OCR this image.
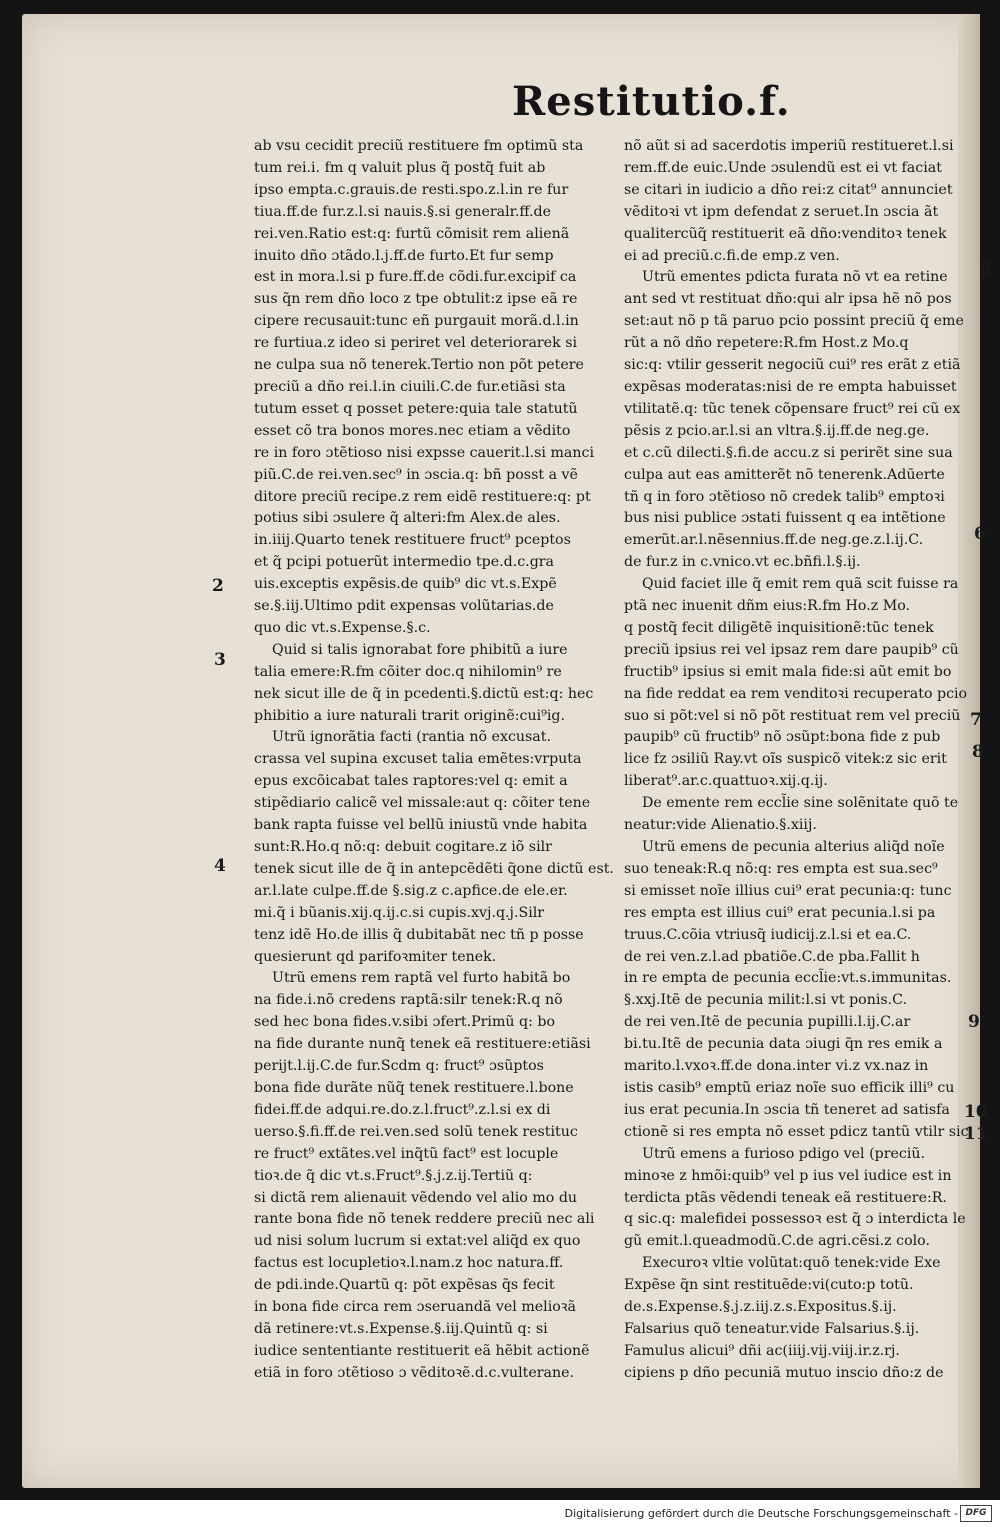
Restitutio.f.
ab vsu cecidit preciũ restituere fm optimũ sta
tum rei.i. fm q valuit plus q̃ postq̃ fuit ab
ipso empta.c.grauis.de resti.spo.z.l.in re fur
tiua.ff.de fur.z.l.si nauis.§.si generalr.ff.de
rei.ven.Ratio est:q: furtũ cõmisit rem alienã
inuito dño ɔtãdo.l.j.ff.de furto.Et fur semp
est in mora.l.si p fure.ff.de cõdi.fur.excipif ca
sus q̃n rem dño loco z tpe obtulit:z ipse eã re
cipere recusauit:tunc eñ purgauit morã.d.l.in
re furtiua.z ideo si periret vel deteriorarek si
ne culpa sua nõ tenerek.Tertio non põt petere
preciũ a dño rei.l.in ciuili.C.de fur.etiãsi sta
tutum esset q posset petere:quia tale statutũ
esset cõ tra bonos mores.nec etiam a vẽdito
re in foro ɔtẽtioso nisi expsse cauerit.l.si manci
piũ.C.de rei.ven.sec⁹ in ɔscia.q: bñ posst a vẽ
ditore preciũ recipe.z rem eidẽ restituere:q: pt
potius sibi ɔsulere q̃ alteri:fm Alex.de ales.
in.iiij.Quarto tenek restituere fruct⁹ pceptos
et q̃ pcipi potuerũt intermedio tpe.d.c.gra
uis.exceptis expẽsis.de quib⁹ dic vt.s.Expẽ
se.§.iij.Ultimo pdit expensas volũtarias.de
quo dic vt.s.Expense.§.c.
Quid si talis ignorabat fore phibitũ a iure
talia emere:R.fm cõiter doc.q nihilomin⁹ re
nek sicut ille de q̃ in pcedenti.§.dictũ est:q: hec
phibitio a iure naturali trarit originẽ:cui⁹ig.
Utrũ ignorãtia facti (rantia nõ excusat.
crassa vel supina excuset talia emẽtes:vrputa
epus excõicabat tales raptores:vel q: emit a
stipẽdiario calicẽ vel missale:aut q: cõiter tene
bank rapta fuisse vel bellũ iniustũ vnde habita
sunt:R.Ho.q nõ:q: debuit cogitare.z iõ silr
tenek sicut ille de q̃ in antepcẽdẽti q̃one dictũ est.
ar.l.late culpe.ff.de §.sig.z c.apfice.de ele.er.
mi.q̃ i bũanis.xij.q.ij.c.si cupis.xvj.q.j.Silr
tenz idẽ Ho.de illis q̃ dubitabãt nec tñ p posse
quesierunt qd parifoꝛmiter tenek.
Utrũ emens rem raptã vel furto habitã bo
na fide.i.nõ credens raptã:silr tenek:R.q nõ
sed hec bona fides.v.sibi ɔfert.Primũ q: bo
na fide durante nunq̃ tenek eã restituere:etiãsi
perijt.l.ij.C.de fur.Scdm q: fruct⁹ ɔsũptos
bona fide durãte nũq̃ tenek restituere.l.bone
fidei.ff.de adqui.re.do.z.l.fruct⁹.z.l.si ex di
uerso.§.fi.ff.de rei.ven.sed solũ tenek restituc
re fruct⁹ extãtes.vel inq̃tũ fact⁹ est locuple
tioꝛ.de q̃ dic vt.s.Fruct⁹.§.j.z.ij.Tertiũ q:
si dictã rem alienauit vẽdendo vel alio mo du
rante bona fide nõ tenek reddere preciũ nec ali
ud nisi solum lucrum si extat:vel aliq̃d ex quo
factus est locupletioꝛ.l.nam.z hoc natura.ff.
de pdi.inde.Quartũ q: põt expẽsas q̃s fecit
in bona fide circa rem ɔseruandã vel melioꝛã
dã retinere:vt.s.Expense.§.iij.Quintũ q: si
iudice sententiante restituerit eã hẽbit actionẽ
etiã in foro ɔtẽtioso ɔ vẽditoꝛẽ.d.c.vulterane.
nõ aũt si ad sacerdotis imperiũ restitueret.l.si
rem.ff.de euic.Unde ɔsulendũ est ei vt faciat
se citari in iudicio a dño rei:z citat⁹ annunciet
vẽditoꝛi vt ipm defendat z seruet.In ɔscia ãt
qualitercũq̃ restituerit eã dño:venditoꝛ tenek
ei ad preciũ.c.fi.de emp.z ven.
Utrũ ementes pdicta furata nõ vt ea retine
ant sed vt restituat dño:qui alr ipsa hẽ nõ pos
set:aut nõ p tã paruo pcio possint preciũ q̃ eme
rũt a nõ dño repetere:R.fm Host.z Mo.q
sic:q: vtilir gesserit negociũ cui⁹ res erãt z etiã
expẽsas moderatas:nisi de re empta habuisset
vtilitatẽ.q: tũc tenek cõpensare fruct⁹ rei cũ ex
pẽsis z pcio.ar.l.si an vltra.§.ij.ff.de neg.ge.
et c.cũ dilecti.§.fi.de accu.z si perirẽt sine sua
culpa aut eas amitterẽt nõ tenerenk.Adūerte
tñ q in foro ɔtẽtioso nõ credek talib⁹ emptoꝛi
bus nisi publice ɔstati fuissent q ea intẽtione
emerũt.ar.l.nẽsennius.ff.de neg.ge.z.l.ij.C.
de fur.z in c.vnico.vt ec.bñfi.l.§.ij.
Quid faciet ille q̃ emit rem quã scit fuisse ra
ptã nec inuenit dñm eius:R.fm Ho.z Mo.
q postq̃ fecit diligẽtẽ inquisitionẽ:tũc tenek
preciũ ipsius rei vel ipsaz rem dare paupib⁹ cũ
fructib⁹ ipsius si emit mala fide:si aũt emit bo
na fide reddat ea rem venditoꝛi recuperato pcio
suo si põt:vel si nõ põt restituat rem vel preciũ
paupib⁹ cũ fructib⁹ nõ ɔsũpt:bona fide z pub
lice fz ɔsiliũ Ray.vt oĩs suspicõ vitek:z sic erit
liberat⁹.ar.c.quattuoꝛ.xij.q.ij.
De emente rem eccl̃ie sine solẽnitate quõ te
neatur:vide Alienatio.§.xiij.
Utrũ emens de pecunia alterius aliq̃d noĩe
suo teneak:R.q nõ:q: res empta est sua.sec⁹
si emisset noĩe illius cui⁹ erat pecunia:q: tunc
res empta est illius cui⁹ erat pecunia.l.si pa
truus.C.cõia vtriusq̃ iudicij.z.l.si et ea.C.
de rei ven.z.l.ad pbatiõe.C.de pba.Fallit h
in re empta de pecunia eccl̃ie:vt.s.immunitas.
§.xxj.Itẽ de pecunia milit:l.si vt ponis.C.
de rei ven.Itẽ de pecunia pupilli.l.ij.C.ar
bi.tu.Itẽ de pecunia data ɔiugi q̃n res emik a
marito.l.vxoꝛ.ff.de dona.inter vi.z vx.naz in
istis casib⁹ emptũ eriaz noĩe suo efficik illi⁹ cu
ius erat pecunia.In ɔscia tñ teneret ad satisfa
ctionẽ si res empta nõ esset pdicz tantũ vtilr sic
Utrũ emens a furioso pdigo vel (preciũ.
minoꝛe z hmõi:quib⁹ vel p ius vel iudice est in
terdicta ptãs vẽdendi teneak eã restituere:R.
q sic.q: malefidei possessoꝛ est q̃ ɔ interdicta le
gũ emit.l.queadmodũ.C.de agri.cẽsi.z colo.
Execuroꝛ vltie volũtat:quõ tenek:vide Exe
Expẽse q̃n sint restituẽde:vi(cuto:p totũ.
de.s.Expense.§.j.z.iij.z.s.Expositus.§.ij.
Falsarius quõ teneatur.vide Falsarius.§.ij.
Famulus alicui⁹ dñi ac(iiij.vij.viij.ir.z.rj.
cipiens p dño pecuniã mutuo inscio dño:z de
2
3
4
5
6
7
8
9
10
11
Digitalisierung gefördert durch die Deutsche Forschungsgemeinschaft - DFG
